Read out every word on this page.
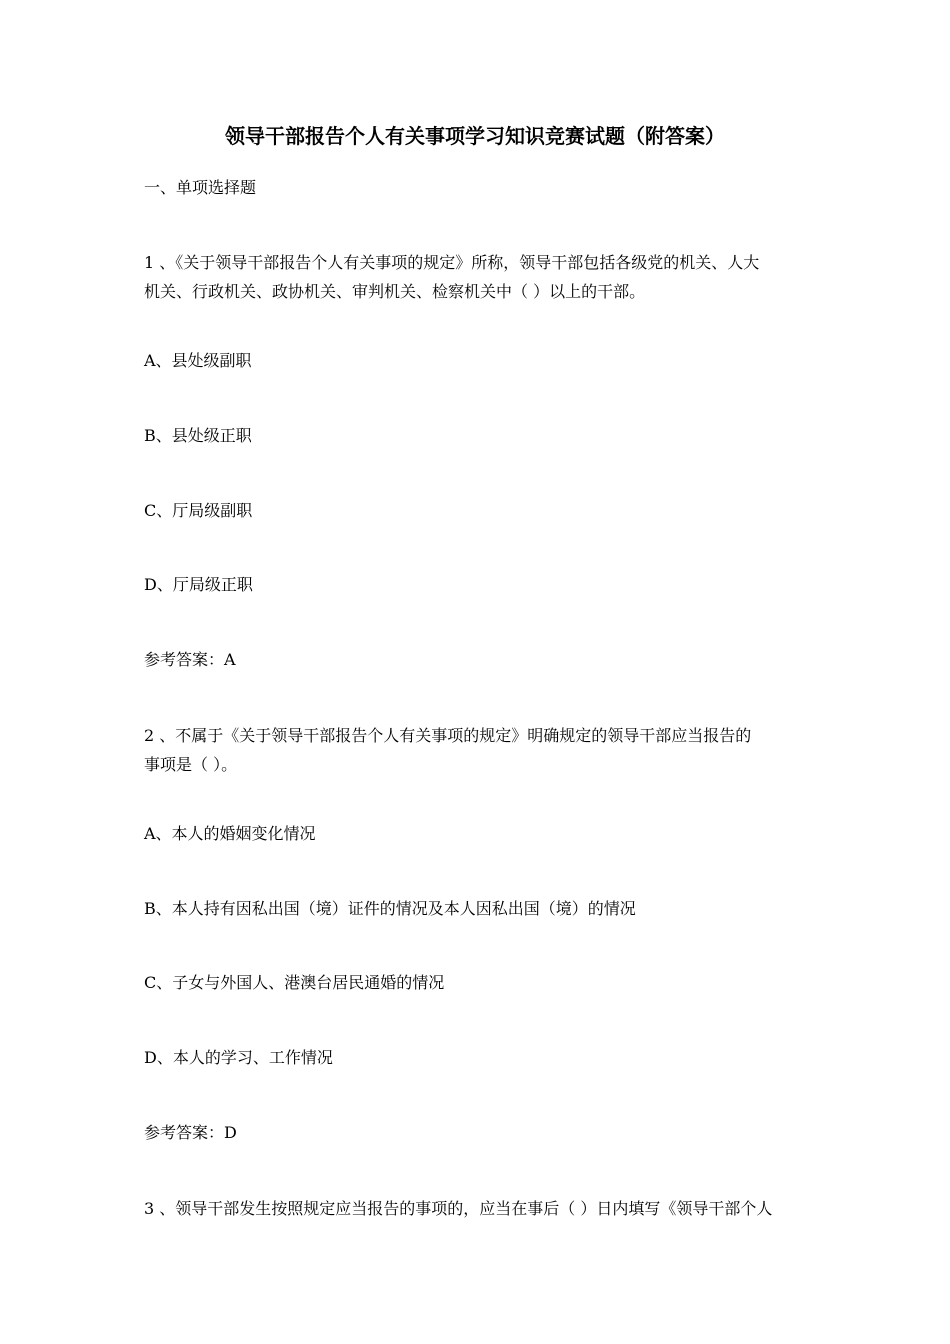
领导干部报告个人有关事项学习知识竞赛试题（附答案）
一、单项选择题
1 、《关于领导干部报告个人有关事项的规定》所称，领导干部包括各级党的机关、人大
机关、行政机关、政协机关、审判机关、检察机关中（ ）以上的干部。
A、县处级副职
B、县处级正职
C、厅局级副职
D、厅局级正职
参考答案：A
2 、不属于《关于领导干部报告个人有关事项的规定》明确规定的领导干部应当报告的
事项是（ ）。
A、本人的婚姻变化情况
B、本人持有因私出国（境）证件的情况及本人因私出国（境）的情况
C、子女与外国人、港澳台居民通婚的情况
D、本人的学习、工作情况
参考答案：D
3 、领导干部发生按照规定应当报告的事项的，应当在事后（ ）日内填写《领导干部个人
